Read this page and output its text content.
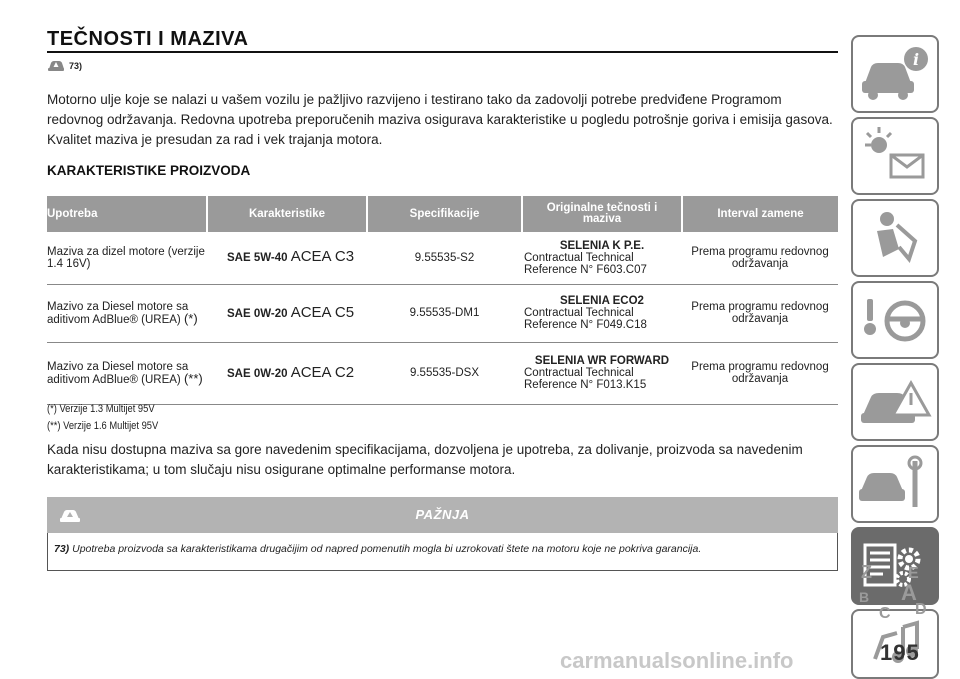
TEČNOSTI I MAZIVA
73)
Motorno ulje koje se nalazi u vašem vozilu je pažljivo razvijeno i testirano tako da zadovolji potrebe predviđene Programom redovnog održavanja. Redovna upotreba preporučenih maziva osigurava karakteristike u pogledu potrošnje goriva i emisija gasova. Kvalitet maziva je presudan za rad i vek trajanja motora.
KARAKTERISTIKE PROIZVODA
Upotreba	Karakteristike	Specifikacije	Originalne tečnosti i maziva	Interval zamene
Maziva za dizel motore (verzije 1.4 16V)	SAE 5W-40 ACEA C3	9.55535-S2	SELENIA K P.E.
Contractual Technical
Reference N° F603.C07	Prema programu redovnog održavanja
Mazivo za Diesel motore sa aditivom AdBlue® (UREA) (*)	SAE 0W-20 ACEA C5	9.55535-DM1	SELENIA ECO2
Contractual Technical
Reference N° F049.C18	Prema programu redovnog održavanja
Mazivo za Diesel motore sa aditivom AdBlue® (UREA) (**)	SAE 0W-20 ACEA C2	9.55535-DSX	SELENIA WR FORWARD
Contractual Technical
Reference N° F013.K15	Prema programu redovnog održavanja
(*) Verzije 1.3 Multijet 95V
(**) Verzije 1.6 Multijet 95V
Kada nisu dostupna maziva sa gore navedenim specifikacijama, dozvoljena je upotreba, za dolivanje, proizvoda sa navedenim karakteristikama; u tom slučaju nisu osigurane optimalne performanse motora.
PAŽNJA
73) Upotreba proizvoda sa karakteristikama drugačijim od napred pomenutih mogla bi uzrokovati štete na motoru koje ne pokriva garancija.
i
Z E
B A
C D
carmanualsonline.info	195
